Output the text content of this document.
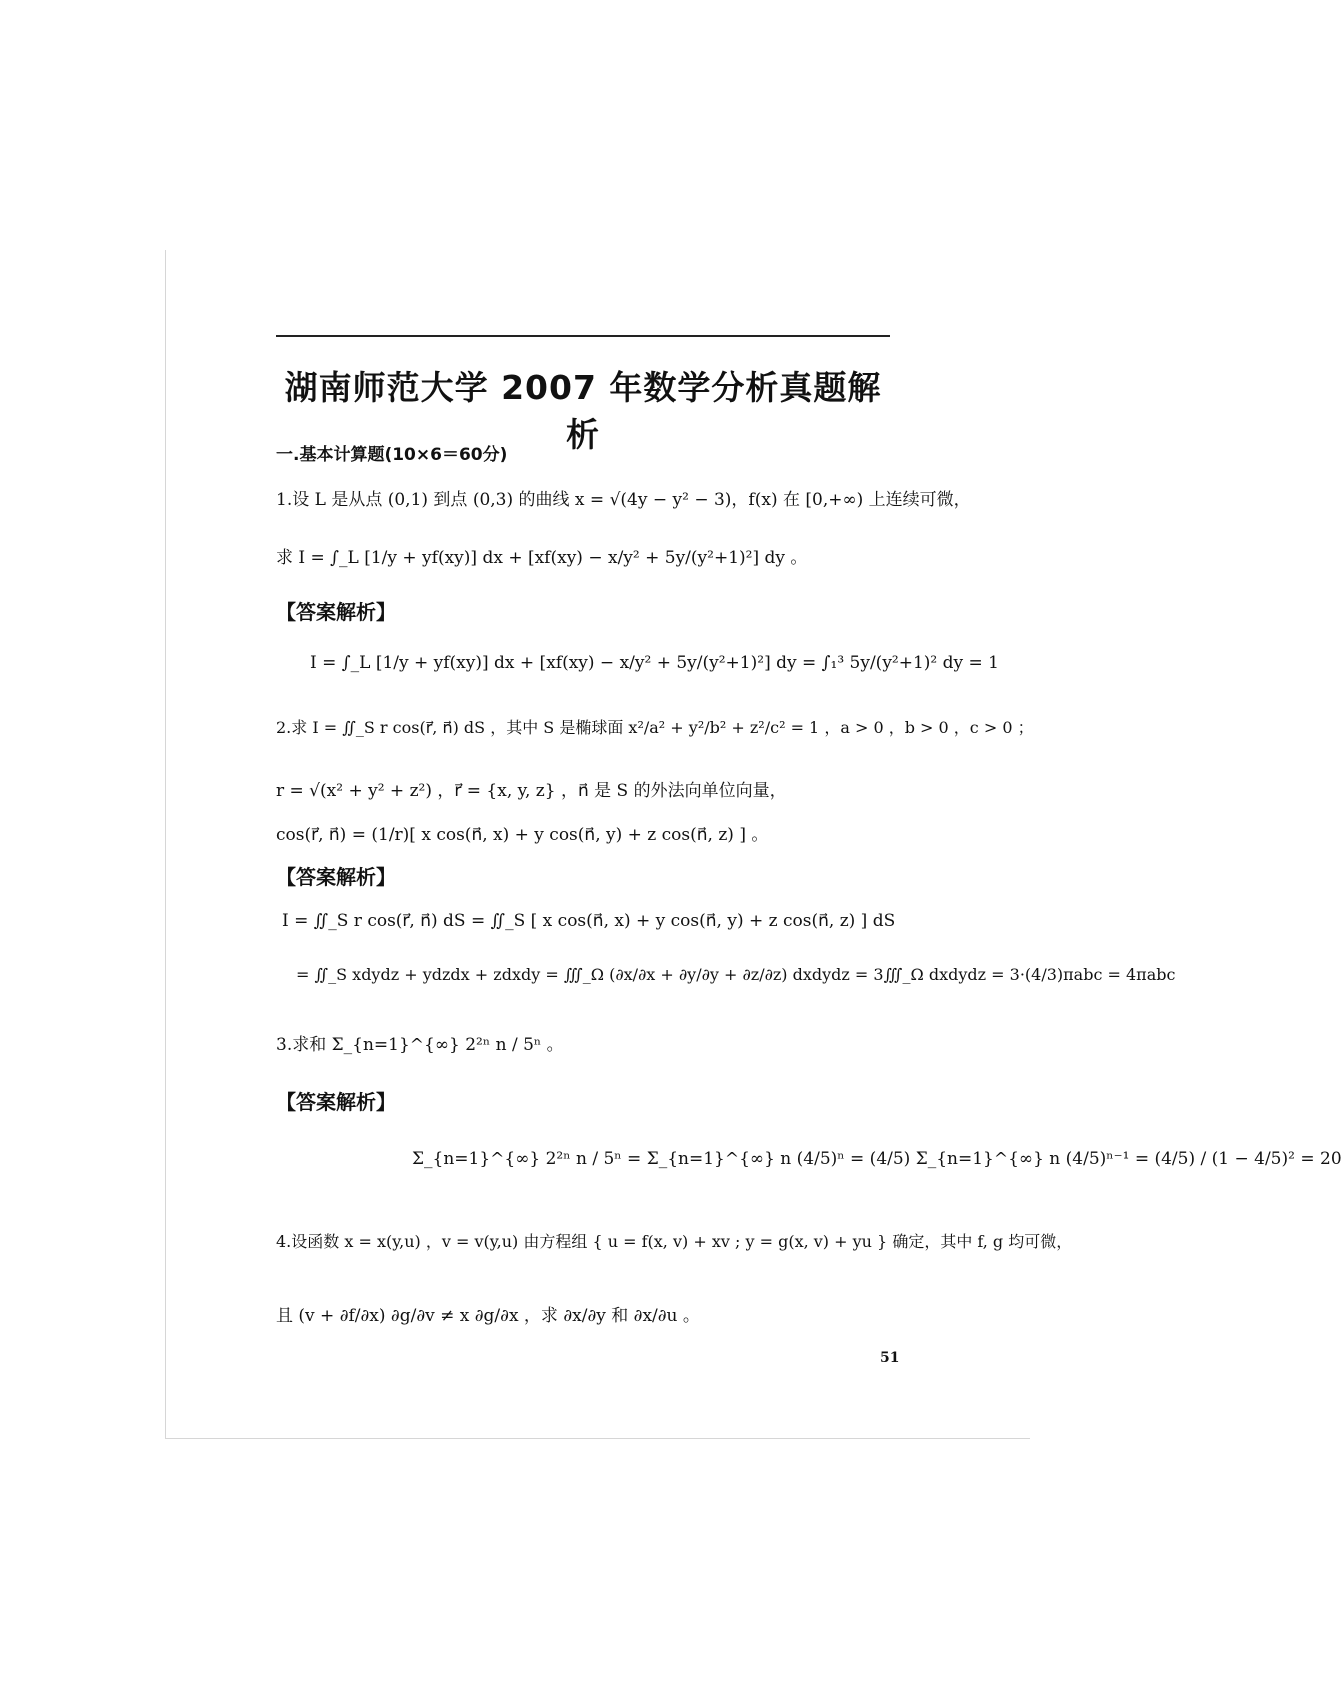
湖南师范大学 2007 年数学分析真题解析
一.基本计算题(10×6＝60分)
1.设 L 是从点 (0,1) 到点 (0,3) 的曲线 x = √(4y − y² − 3)，f(x) 在 [0,+∞) 上连续可微，
求 I = ∫_L [1/y + yf(xy)] dx + [xf(xy) − x/y² + 5y/(y²+1)²] dy 。
【答案解析】
I = ∫_L [1/y + yf(xy)] dx + [xf(xy) − x/y² + 5y/(y²+1)²] dy = ∫₁³ 5y/(y²+1)² dy = 1
2.求 I = ∬_S r cos(r⃗, n⃗) dS ，其中 S 是椭球面 x²/a² + y²/b² + z²/c² = 1 ，a > 0 ，b > 0 ，c > 0 ；
r = √(x² + y² + z²) ，r⃗ = {x, y, z} ，n⃗ 是 S 的外法向单位向量，
cos(r⃗, n⃗) = (1/r)[ x cos(n⃗, x) + y cos(n⃗, y) + z cos(n⃗, z) ] 。
【答案解析】
I = ∬_S r cos(r⃗, n⃗) dS = ∬_S [ x cos(n⃗, x) + y cos(n⃗, y) + z cos(n⃗, z) ] dS
= ∬_S xdydz + ydzdx + zdxdy = ∭_Ω (∂x/∂x + ∂y/∂y + ∂z/∂z) dxdydz = 3∭_Ω dxdydz = 3·(4/3)πabc = 4πabc
3.求和 Σ_{n=1}^{∞} 2²ⁿ n / 5ⁿ 。
【答案解析】
Σ_{n=1}^{∞} 2²ⁿ n / 5ⁿ = Σ_{n=1}^{∞} n (4/5)ⁿ = (4/5) Σ_{n=1}^{∞} n (4/5)ⁿ⁻¹ = (4/5) / (1 − 4/5)² = 20
4.设函数 x = x(y,u) ，v = v(y,u) 由方程组 { u = f(x, v) + xv ; y = g(x, v) + yu } 确定，其中 f, g 均可微，
且 (v + ∂f/∂x) ∂g/∂v ≠ x ∂g/∂x ，求 ∂x/∂y 和 ∂x/∂u 。
51
